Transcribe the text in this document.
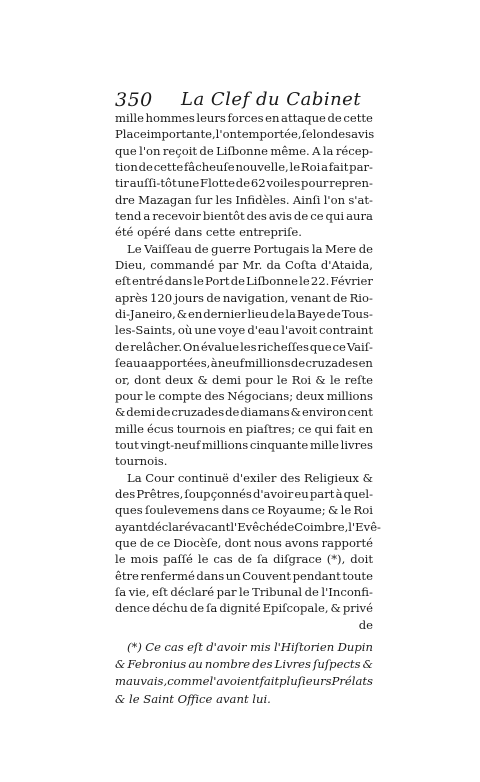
350 La Clef du Cabinet
mille hommes leurs forces en attaque de cette
Place importante, l'ont emportée, ſelon des avis
que l'on reçoit de Liſbonne même. A la récep-
tion de cette fâcheuſe nouvelle, le Roi a fait par-
tir auſſi-tôt une Flotte de 62 voiles pour repren-
dre Mazagan ſur les Infidèles. Ainſi l'on s'at-
tend a recevoir bientôt des avis de ce qui aura
été opéré dans cette entrepriſe.
Le Vaiſſeau de guerre Portugais la Mere de
Dieu, commandé par Mr. da Coſta d'Ataida,
eſt entré dans le Port de Liſbonne le 22. Février
après 120 jours de navigation, venant de Rio-
di-Janeiro, & en dernier lieu de la Baye de Tous-
les-Saints, où une voye d'eau l'avoit contraint
de relâcher. On évalue les richeſſes que ce Vaiſ-
ſeau a apportées, à neuf millions de cruzades en
or, dont deux & demi pour le Roi & le reſte
pour le compte des Négocians; deux millions
& demi de cruzades de diamans & environ cent
mille écus tournois en piaſtres; ce qui fait en
tout vingt-neuf millions cinquante mille livres
tournois.
La Cour continuë d'exiler des Religieux &
des Prêtres, ſoupçonnés d'avoir eu part à quel-
ques ſoulevemens dans ce Royaume; & le Roi
ayant déclaré vacant l'Evêché de Coimbre, l'Evê-
que de ce Diocèſe, dont nous avons rapporté
le mois paſſé le cas de ſa diſgrace (*), doit
être renfermé dans un Couvent pendant toute
ſa vie, eſt déclaré par le Tribunal de l'Inconfi-
dence déchu de ſa dignité Epiſcopale, & privé
de
(*) Ce cas eſt d'avoir mis l'Hiſtorien Dupin
& Febronius au nombre des Livres ſuſpects &
mauvais, comme l'avoient fait pluſieurs Prélats
& le Saint Office avant lui.
